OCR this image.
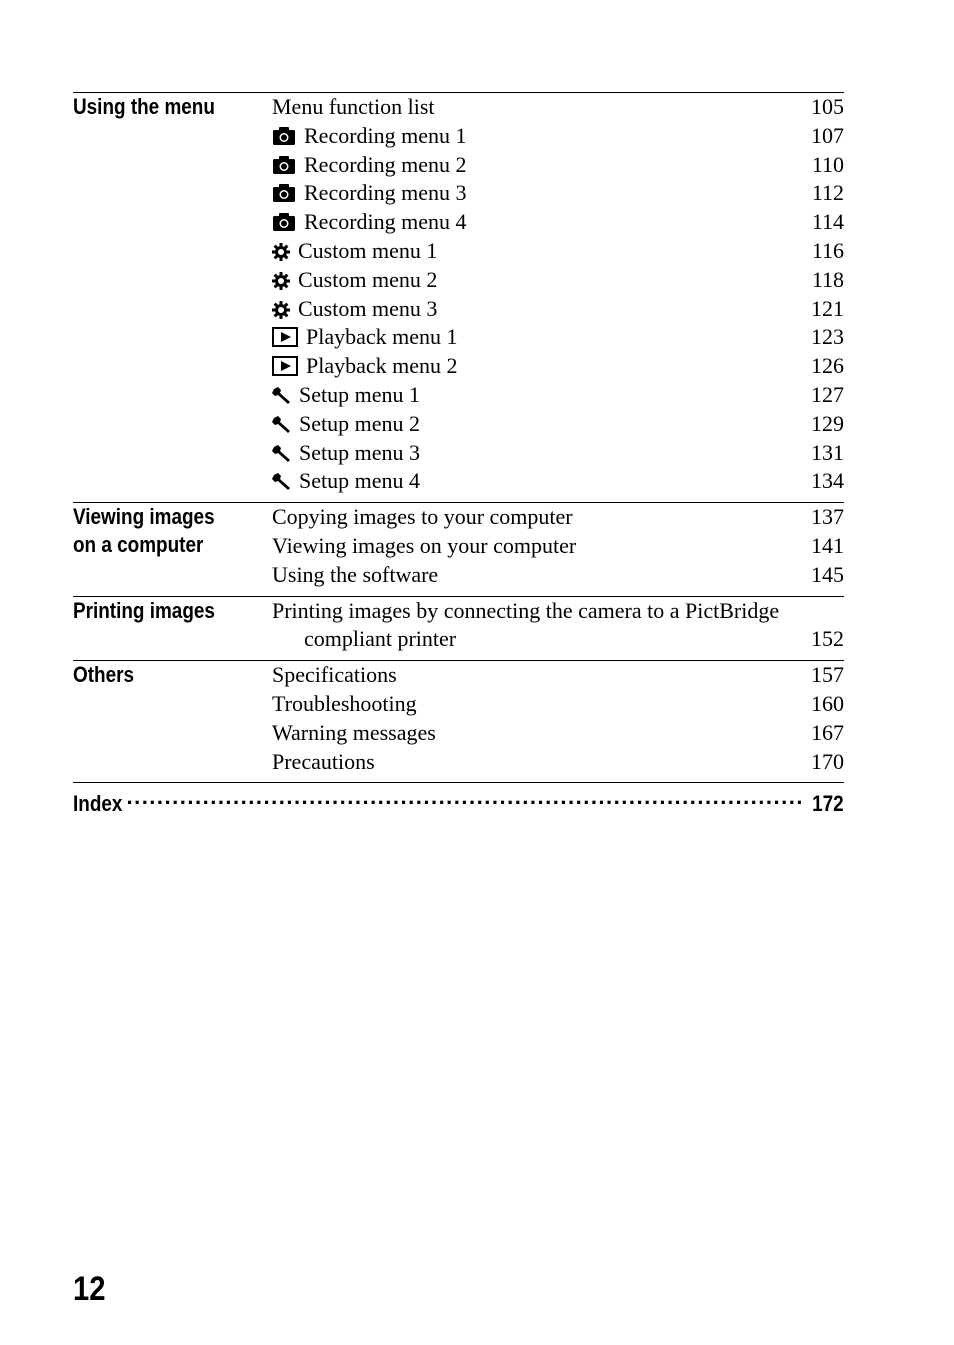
Using the menu	Menu function list	105
Recording menu 1	107
Recording menu 2	110
Recording menu 3	112
Recording menu 4	114
Custom menu 1	116
Custom menu 2	118
Custom menu 3	121
Playback menu 1	123
Playback menu 2	126
Setup menu 1	127
Setup menu 2	129
Setup menu 3	131
Setup menu 4	134
Viewing images
on a computer
Copying images to your computer	137
Viewing images on your computer	141
Using the software	145
Printing images	Printing images by connecting the camera to a PictBridge
compliant printer	152
Others	Specifications	157
Troubleshooting	160
Warning messages	167
Precautions	170
Index .....	172
12
